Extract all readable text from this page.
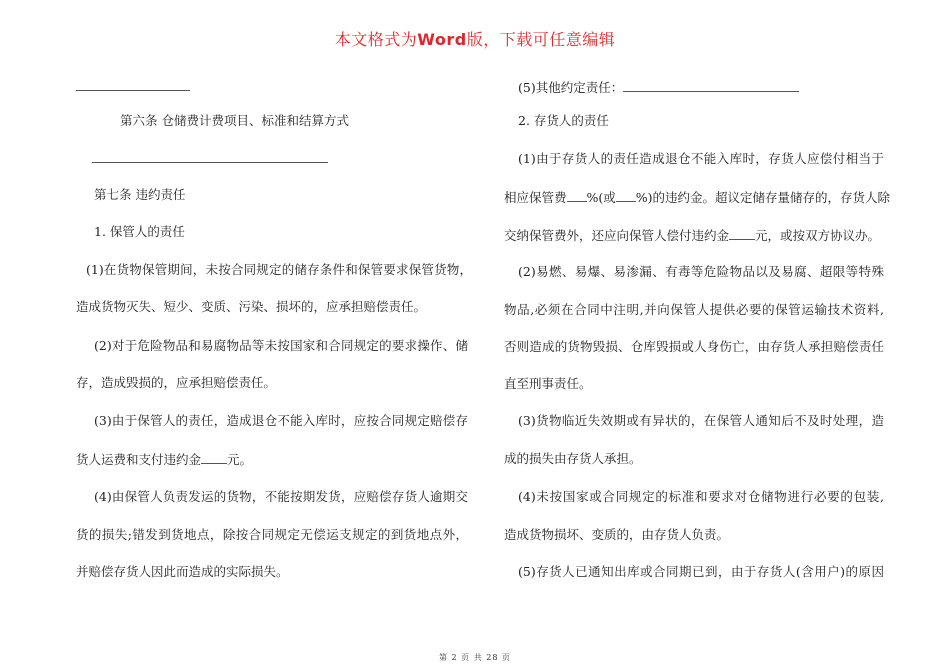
本文格式为Word版，下载可任意编辑
第六条 仓储费计费项目、标准和结算方式
第七条 违约责任
1. 保管人的责任
(1)在货物保管期间，未按合同规定的储存条件和保管要求保管货物，
造成货物灭失、短少、变质、污染、损坏的，应承担赔偿责任。
(2)对于危险物品和易腐物品等未按国家和合同规定的要求操作、储
存，造成毁损的，应承担赔偿责任。
(3)由于保管人的责任，造成退仓不能入库时，应按合同规定赔偿存
货人运费和支付违约金 元。
(4)由保管人负责发运的货物，不能按期发货，应赔偿存货人逾期交
货的损失;错发到货地点，除按合同规定无偿运支规定的到货地点外，
并赔偿存货人因此而造成的实际损失。
(5)其他约定责任：
2. 存货人的责任
(1)由于存货人的责任造成退仓不能入库时，存货人应偿付相当于
相应保管费 %(或 %)的违约金。超议定储存量储存的，存货人除
交纳保管费外，还应向保管人偿付违约金 元，或按双方协议办。
(2)易燃、易爆、易渗漏、有毒等危险物品以及易腐、超限等特殊
物品,必须在合同中注明,并向保管人提供必要的保管运输技术资料,
否则造成的货物毁损、仓库毁损或人身伤亡，由存货人承担赔偿责任
直至刑事责任。
(3)货物临近失效期或有异状的，在保管人通知后不及时处理，造
成的损失由存货人承担。
(4)未按国家或合同规定的标准和要求对仓储物进行必要的包装,
造成货物损坏、变质的，由存货人负责。
(5)存货人已通知出库或合同期已到，由于存货人(含用户)的原因
第 2 页 共 28 页
